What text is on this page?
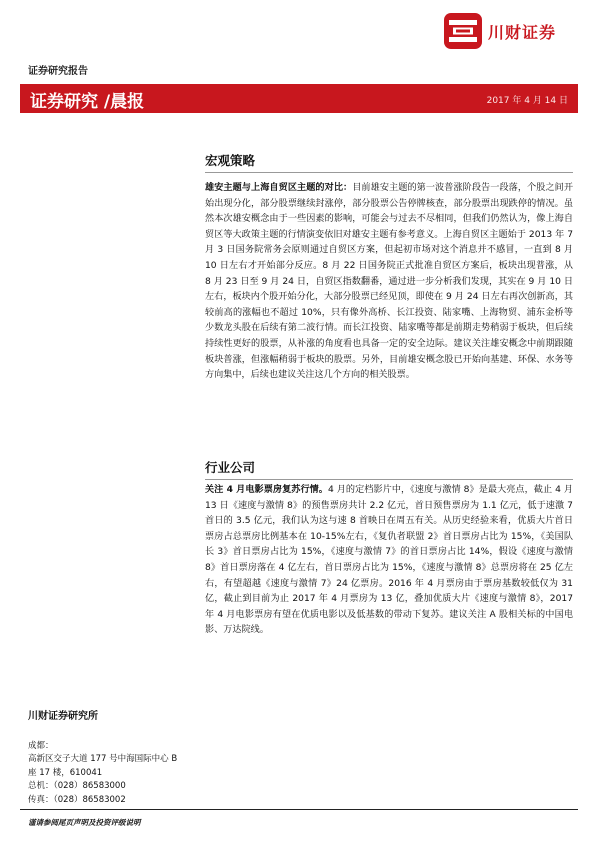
川财证券
证券研究报告
证券研究 /晨报	2017 年 4 月 14 日
宏观策略

雄安主题与上海自贸区主题的对比：目前雄安主题的第一波普涨阶段告一段落，个股之间开始出现分化，部分股票继续封涨停，部分股票公告停牌核查，部分股票出现跌停的情况。虽然本次雄安概念由于一些因素的影响，可能会与过去不尽相同，但我们仍然认为，像上海自贸区等大政策主题的行情演变依旧对雄安主题有参考意义。上海自贸区主题始于 2013 年 7 月 3 日国务院常务会原则通过自贸区方案，但起初市场对这个消息并不感冒，一直到 8 月 10 日左右才开始部分反应。8 月 22 日国务院正式批准自贸区方案后，板块出现普涨，从 8 月 23 日至 9 月 24 日，自贸区指数翻番，通过进一步分析我们发现，其实在 9 月 10 日左右，板块内个股开始分化，大部分股票已经见顶，即使在 9 月 24 日左右再次创新高，其较前高的涨幅也不超过 10%，只有像外高桥、长江投资、陆家嘴、上海物贸、浦东金桥等少数龙头股在后续有第二波行情。而长江投资、陆家嘴等都是前期走势稍弱于板块，但后续持续性更好的股票，从补涨的角度看也具备一定的安全边际。建议关注雄安概念中前期跟随板块普涨，但涨幅稍弱于板块的股票。另外，目前雄安概念股已开始向基建、环保、水务等方向集中，后续也建议关注这几个方向的相关股票。

行业公司

关注 4 月电影票房复苏行情。4 月的定档影片中，《速度与激情 8》是最大亮点，截止 4 月 13 日《速度与激情 8》的预售票房共计 2.2 亿元，首日预售票房为 1.1 亿元，低于速激 7 首日的 3.5 亿元，我们认为这与速 8 首映日在周五有关。从历史经验来看，优质大片首日票房占总票房比例基本在 10-15%左右，《复仇者联盟 2》首日票房占比为 15%，《美国队长 3》首日票房占比为 15%，《速度与激情 7》的首日票房占比 14%，假设《速度与激情 8》首日票房落在 4 亿左右，首日票房占比为 15%，《速度与激情 8》总票房将在 25 亿左右，有望超越《速度与激情 7》24 亿票房。2016 年 4 月票房由于票房基数较低仅为 31 亿，截止到目前为止 2017 年 4 月票房为 13 亿，叠加优质大片《速度与激情 8》，2017 年 4 月电影票房有望在优质电影以及低基数的带动下复苏。建议关注 A 股相关标的中国电影、万达院线。

川财证券研究所
成都：
高新区交子大道 177 号中海国际中心 B
座 17 楼，610041
总机：（028）86583000
传真：（028）86583002
谨请参阅尾页声明及投资评级说明
